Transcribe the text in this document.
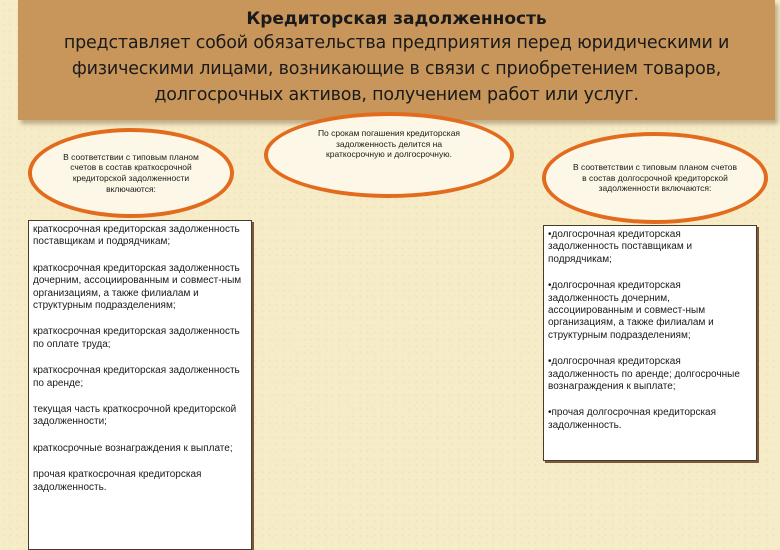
Кредиторская задолженность
представляет собой обязательства предприятия перед юридическими и физическими лицами, возникающие в связи с приобретением товаров, долгосрочных активов, получением работ или услуг.
В соответствии с типовым планом счетов в состав краткосрочной кредиторской задолженности включаются:
По срокам погашения кредиторская задолженность делится на краткосрочную и долгосрочную.
В соответствии с типовым планом счетов в состав долгосрочной кредиторской задолженности включаются:
краткосрочная кредиторская задолженность поставщикам и подрядчикам;
краткосрочная кредиторская задолженность дочерним, ассоциированным и совмест-ным организациям, а также филиалам и структурным подразделениям;
краткосрочная кредиторская задолженность по оплате труда;
краткосрочная кредиторская задолженность по аренде;
текущая часть краткосрочной кредиторской задолженности;
краткосрочные вознаграждения к выплате;
прочая краткосрочная кредиторская задолженность.
•долгосрочная кредиторская задолженность поставщикам и подрядчикам;
•долгосрочная кредиторская задолженность дочерним, ассоциированным и совмест-ным организациям, а также филиалам и структурным подразделениям;
•долгосрочная кредиторская задолженность по аренде; долгосрочные вознаграждения к выплате;
•прочая долгосрочная кредиторская задолженность.
